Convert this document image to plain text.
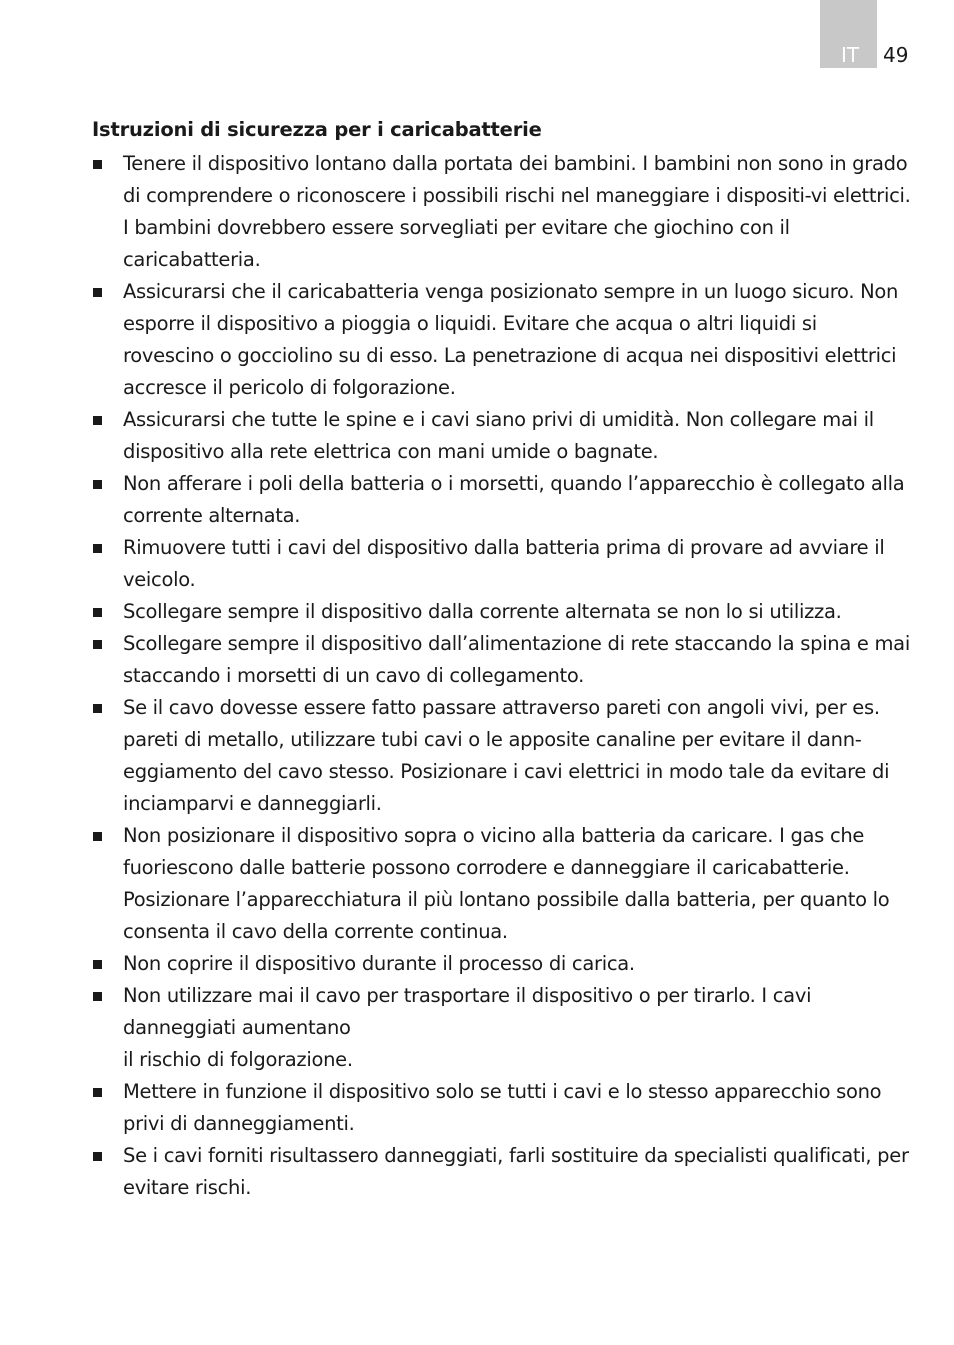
IT 49
Istruzioni di sicurezza per i caricabatterie
Tenere il dispositivo lontano dalla portata dei bambini. I bambini non sono in grado di comprendere o riconoscere i possibili rischi nel maneggiare i dispositi-vi elettrici. I bambini dovrebbero essere sorvegliati per evitare che giochino con il caricabatteria.
Assicurarsi che il caricabatteria venga posizionato sempre in un luogo sicuro. Non esporre il dispositivo a pioggia o liquidi. Evitare che acqua o altri liquidi si rovescino o gocciolino su di esso. La penetrazione di acqua nei dispositivi elettrici accresce il pericolo di folgorazione.
Assicurarsi che tutte le spine e i cavi siano privi di umidità. Non collegare mai il dispositivo alla rete elettrica con mani umide o bagnate.
Non afferare i poli della batteria o i morsetti, quando l’apparecchio è collegato alla corrente alternata.
Rimuovere tutti i cavi del dispositivo dalla batteria prima di provare ad avviare il veicolo.
Scollegare sempre il dispositivo dalla corrente alternata se non lo si utilizza.
Scollegare sempre il dispositivo dall’alimentazione di rete staccando la spina e mai staccando i morsetti di un cavo di collegamento.
Se il cavo dovesse essere fatto passare attraverso pareti con angoli vivi, per es. pareti di metallo, utilizzare tubi cavi o le apposite canaline per evitare il dann-eggiamento del cavo stesso. Posizionare i cavi elettrici in modo tale da evitare di inciamparvi e danneggiarli.
Non posizionare il dispositivo sopra o vicino alla batteria da caricare. I gas che fuoriescono dalle batterie possono corrodere e danneggiare il caricabatterie. Posizionare l’apparecchiatura il più lontano possibile dalla batteria, per quanto lo consenta il cavo della corrente continua.
Non coprire il dispositivo durante il processo di carica.
Non utilizzare mai il cavo per trasportare il dispositivo o per tirarlo. I cavi danneggiati aumentano
il rischio di folgorazione.
Mettere in funzione il dispositivo solo se tutti i cavi e lo stesso apparecchio sono privi di danneggiamenti.
Se i cavi forniti risultassero danneggiati, farli sostituire da specialisti qualificati, per evitare rischi.
